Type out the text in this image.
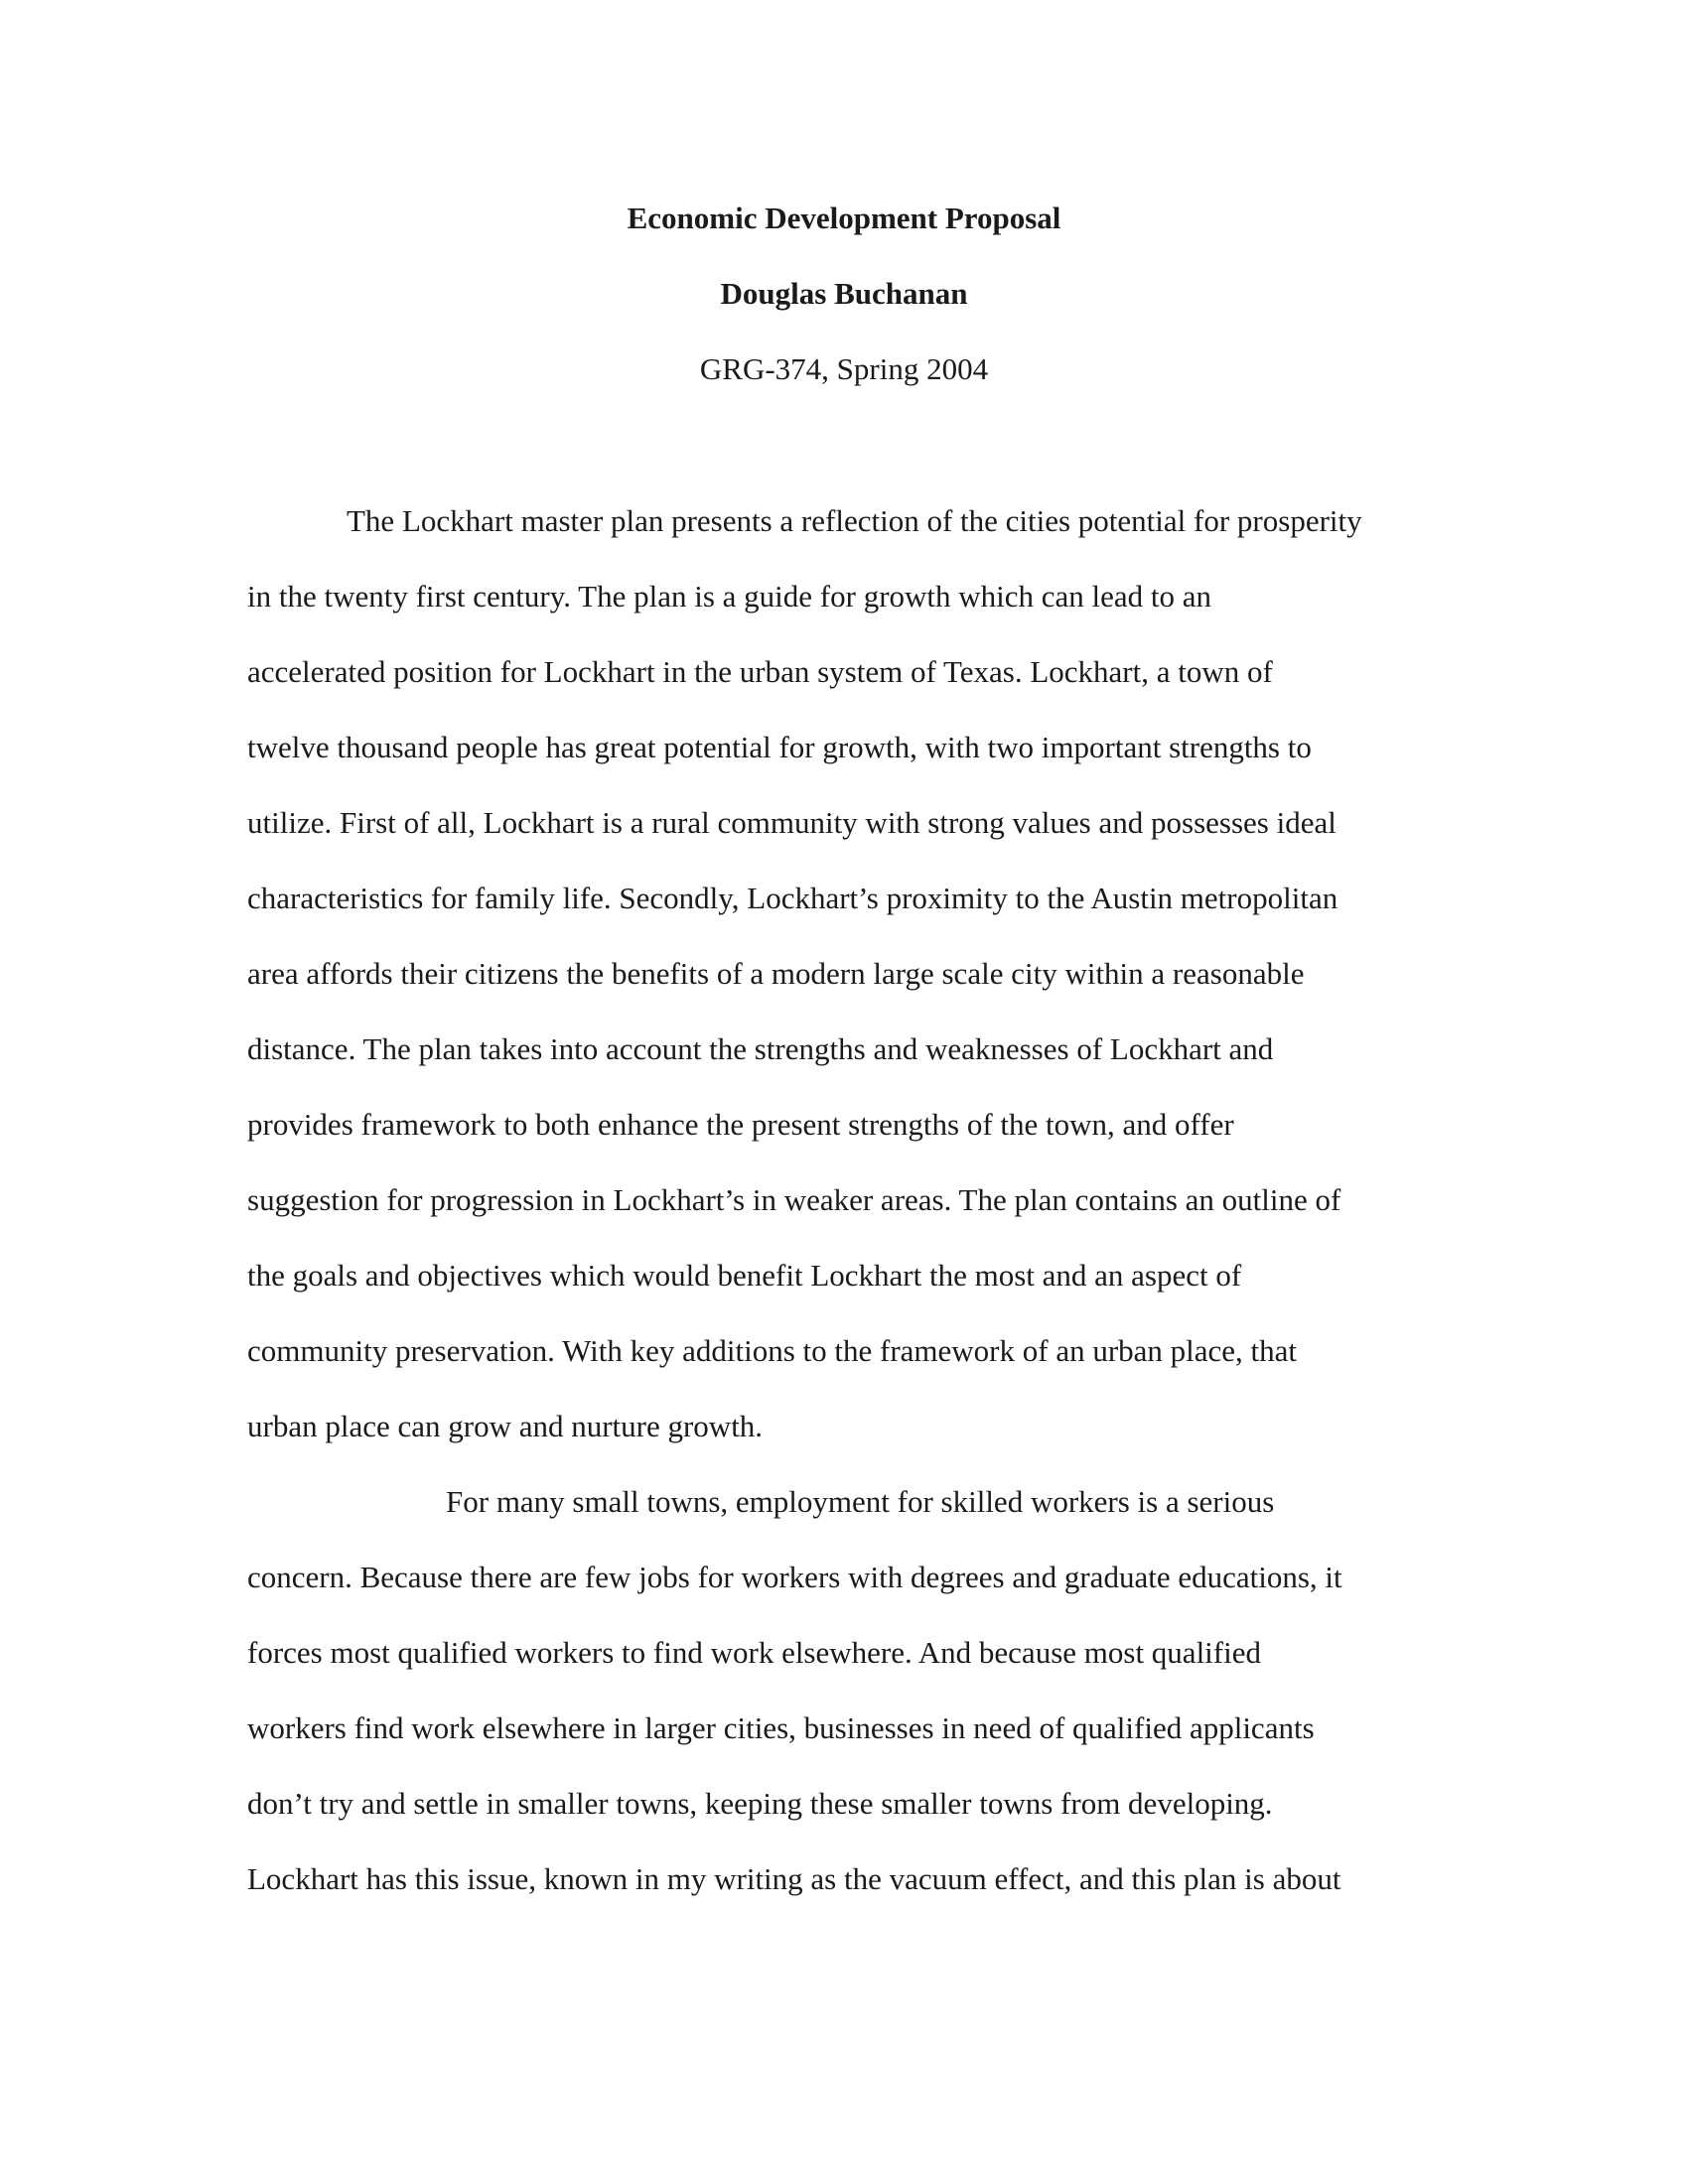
Economic Development Proposal

Douglas Buchanan

GRG-374, Spring 2004

The Lockhart master plan presents a reflection of the cities potential for prosperity

in the twenty first century. The plan is a guide for growth which can lead to an

accelerated position for Lockhart in the urban system of Texas. Lockhart, a town of

twelve thousand people has great potential for growth, with two important strengths to

utilize. First of all, Lockhart is a rural community with strong values and possesses ideal

characteristics for family life. Secondly, Lockhart’s proximity to the Austin metropolitan

area affords their citizens the benefits of a modern large scale city within a reasonable

distance. The plan takes into account the strengths and weaknesses of Lockhart and

provides framework to both enhance the present strengths of the town, and offer

suggestion for progression in Lockhart’s in weaker areas. The plan contains an outline of

the goals and objectives which would benefit Lockhart the most and an aspect of

community preservation. With key additions to the framework of an urban place, that

urban place can grow and nurture growth.

For many small towns, employment for skilled workers is a serious

concern. Because there are few jobs for workers with degrees and graduate educations, it

forces most qualified workers to find work elsewhere. And because most qualified

workers find work elsewhere in larger cities, businesses in need of qualified applicants

don’t try and settle in smaller towns, keeping these smaller towns from developing.

Lockhart has this issue, known in my writing as the vacuum effect, and this plan is about
